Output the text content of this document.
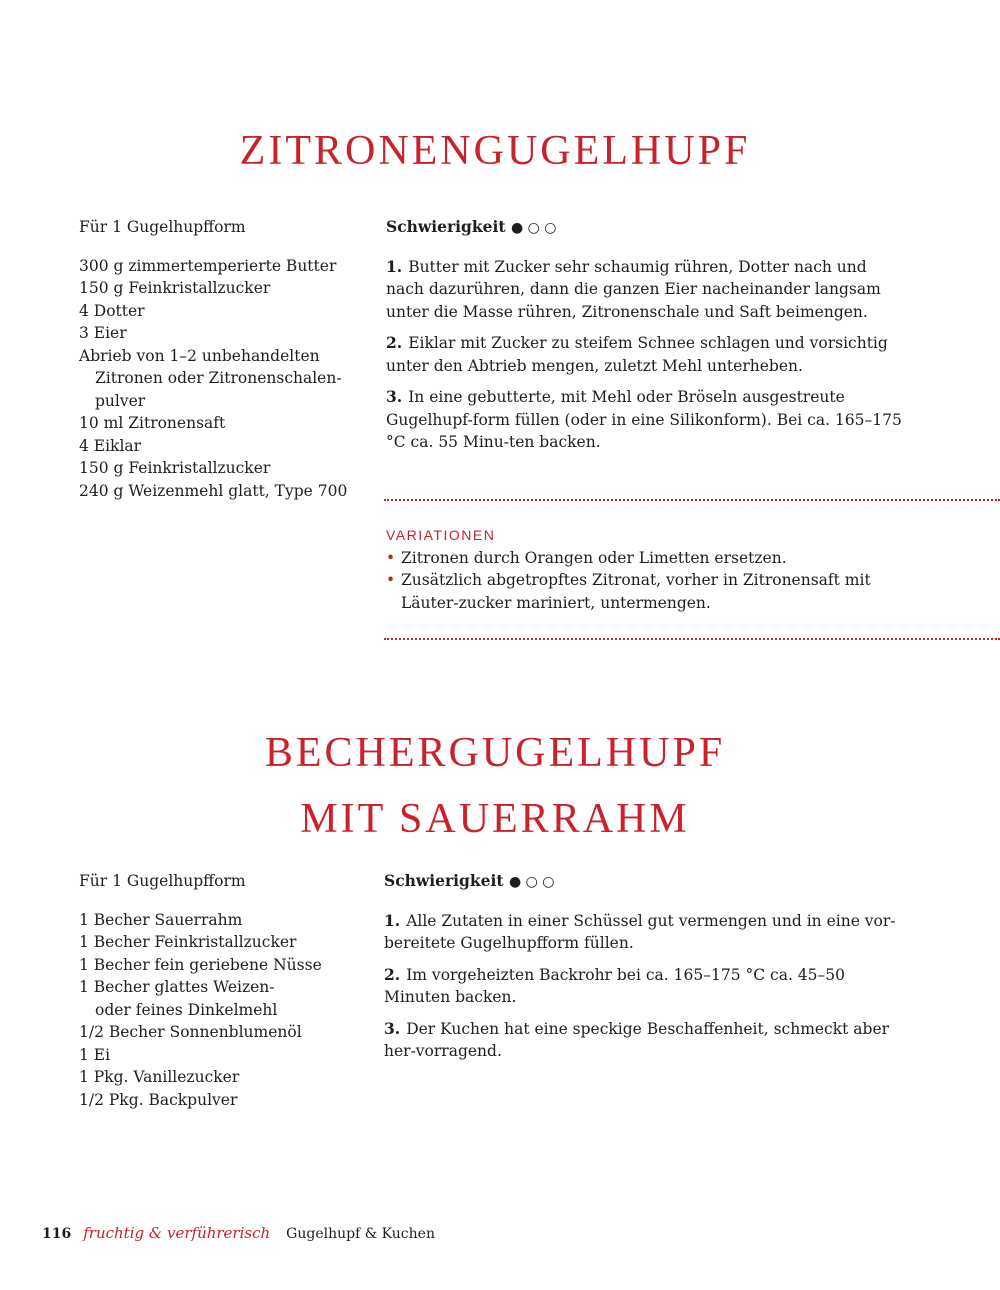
ZITRONENGUGELHUPF

Für 1 Gugelhupfform

300 g zimmertemperierte Butter
150 g Feinkristallzucker
4 Dotter
3 Eier
Abrieb von 1–2 unbehandelten Zitronen oder Zitronenschalen-pulver
10 ml Zitronensaft
4 Eiklar
150 g Feinkristallzucker
240 g Weizenmehl glatt, Type 700

Schwierigkeit ● ○ ○

1. Butter mit Zucker sehr schaumig rühren, Dotter nach und nach dazurühren, dann die ganzen Eier nacheinander langsam unter die Masse rühren, Zitronenschale und Saft beimengen.
2. Eiklar mit Zucker zu steifem Schnee schlagen und vorsichtig unter den Abtrieb mengen, zuletzt Mehl unterheben.
3. In eine gebutterte, mit Mehl oder Bröseln ausgestreute Gugelhupf-form füllen (oder in eine Silikonform). Bei ca. 165–175 °C ca. 55 Minu-ten backen.

VARIATIONEN

• Zitronen durch Orangen oder Limetten ersetzen.
• Zusätzlich abgetropftes Zitronat, vorher in Zitronensaft mit Läuter-zucker mariniert, untermengen.
BECHERGUGELHUPF
MIT SAUERRAHM

Für 1 Gugelhupfform

1 Becher Sauerrahm
1 Becher Feinkristallzucker
1 Becher fein geriebene Nüsse
1 Becher glattes Weizen-oder feines Dinkelmehl
1/2 Becher Sonnenblumenöl
1 Ei
1 Pkg. Vanillezucker
1/2 Pkg. Backpulver

Schwierigkeit ● ○ ○

1. Alle Zutaten in einer Schüssel gut vermengen und in eine vor-bereitete Gugelhupfform füllen.
2. Im vorgeheizten Backrohr bei ca. 165–175 °C ca. 45–50 Minuten backen.
3. Der Kuchen hat eine speckige Beschaffenheit, schmeckt aber her-vorragend.
116 fruchtig & verführerisch Gugelhupf & Kuchen
